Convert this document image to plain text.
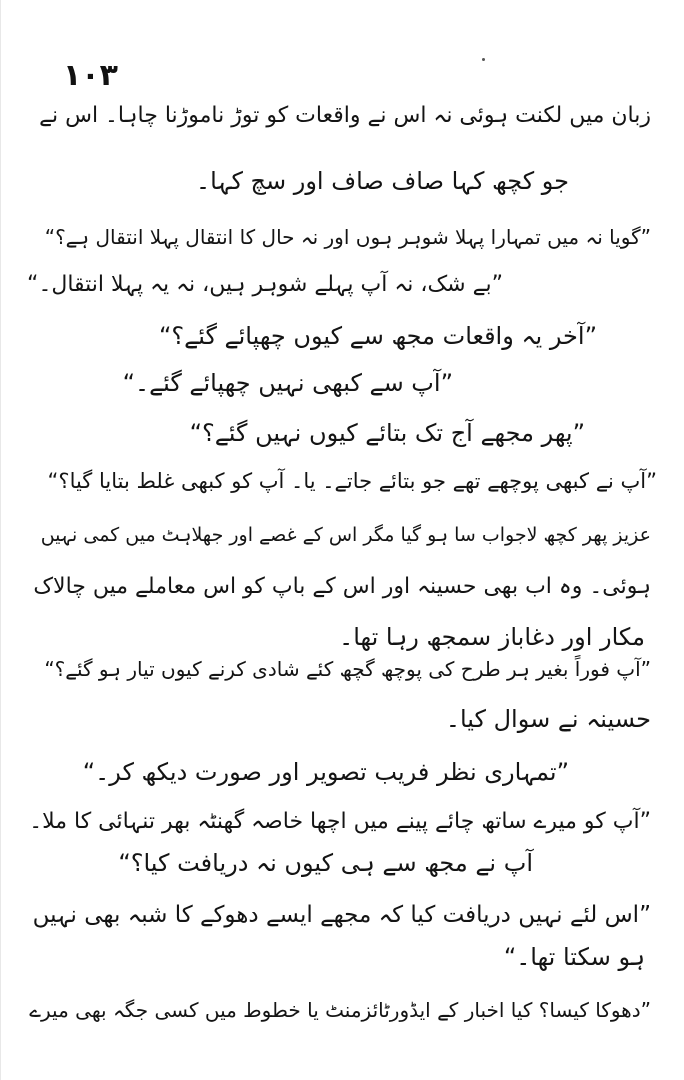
۱۰۳
زبان میں لکنت ہوئی نہ اس نے واقعات کو توڑ ناموڑنا چاہا۔ اس نے
جو کچھ کہا صاف صاف اور سچ کہا۔
”گویا نہ میں تمہارا پہلا شوہر ہوں اور نہ حال کا انتقال پہلا انتقال ہے؟“
”بے شک، نہ آپ پہلے شوہر ہیں، نہ یہ پہلا انتقال۔“
”آخر یہ واقعات مجھ سے کیوں چھپائے گئے؟“
”آپ سے کبھی نہیں چھپائے گئے۔“
”پھر مجھے آج تک بتائے کیوں نہیں گئے؟“
”آپ نے کبھی پوچھے تھے جو بتائے جاتے۔ یا۔ آپ کو کبھی غلط بتایا گیا؟“
عزیز پھر کچھ لاجواب سا ہو گیا مگر اس کے غصے اور جھلاہٹ میں کمی نہیں
ہوئی۔ وہ اب بھی حسینہ اور اس کے باپ کو اس معاملے میں چالاک
مکار اور دغاباز سمجھ رہا تھا۔
”آپ فوراً بغیر ہر طرح کی پوچھ گچھ کئے شادی کرنے کیوں تیار ہو گئے؟“
حسینہ نے سوال کیا۔
”تمہاری نظر فریب تصویر اور صورت دیکھ کر۔“
”آپ کو میرے ساتھ چائے پینے میں اچھا خاصہ گھنٹہ بھر تنہائی کا ملا۔
آپ نے مجھ سے ہی کیوں نہ دریافت کیا؟“
”اس لئے نہیں دریافت کیا کہ مجھے ایسے دھوکے کا شبہ بھی نہیں
ہو سکتا تھا۔“
”دھوکا کیسا؟ کیا اخبار کے ایڈورٹائزمنٹ یا خطوط میں کسی جگہ بھی میرے
